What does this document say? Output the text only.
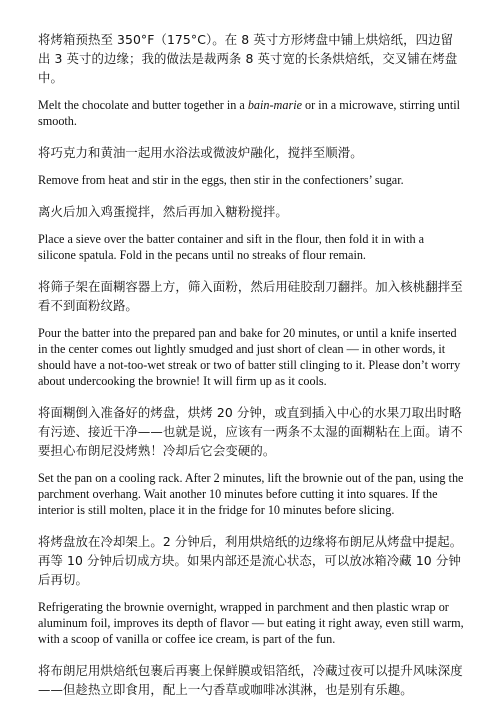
将烤箱预热至 350°F（175°C）。在 8 英寸方形烤盘中铺上烘焙纸，四边留出 3 英寸的边缘；我的做法是裁两条 8 英寸宽的长条烘焙纸，交叉铺在烤盘中。

Melt the chocolate and butter together in a bain-marie or in a microwave, stirring until smooth.

将巧克力和黄油一起用水浴法或微波炉融化，搅拌至顺滑。

Remove from heat and stir in the eggs, then stir in the confectioners’ sugar.

离火后加入鸡蛋搅拌，然后再加入糖粉搅拌。

Place a sieve over the batter container and sift in the flour, then fold it in with a silicone spatula. Fold in the pecans until no streaks of flour remain.

将筛子架在面糊容器上方，筛入面粉，然后用硅胶刮刀翻拌。加入核桃翻拌至看不到面粉纹路。

Pour the batter into the prepared pan and bake for 20 minutes, or until a knife inserted in the center comes out lightly smudged and just short of clean — in other words, it should have a not-too-wet streak or two of batter still clinging to it. Please don’t worry about undercooking the brownie! It will firm up as it cools.

将面糊倒入准备好的烤盘，烘烤 20 分钟，或直到插入中心的水果刀取出时略有污迹、接近干净——也就是说，应该有一两条不太湿的面糊粘在上面。请不要担心布朗尼没烤熟！冷却后它会变硬的。

Set the pan on a cooling rack. After 2 minutes, lift the brownie out of the pan, using the parchment overhang. Wait another 10 minutes before cutting it into squares. If the interior is still molten, place it in the fridge for 10 minutes before slicing.

将烤盘放在冷却架上。2 分钟后，利用烘焙纸的边缘将布朗尼从烤盘中提起。再等 10 分钟后切成方块。如果内部还是流心状态，可以放冰箱冷藏 10 分钟后再切。

Refrigerating the brownie overnight, wrapped in parchment and then plastic wrap or aluminum foil, improves its depth of flavor — but eating it right away, even still warm, with a scoop of vanilla or coffee ice cream, is part of the fun.

将布朗尼用烘焙纸包裹后再裹上保鲜膜或铝箔纸，冷藏过夜可以提升风味深度——但趁热立即食用，配上一勺香草或咖啡冰淇淋，也是别有乐趣。
